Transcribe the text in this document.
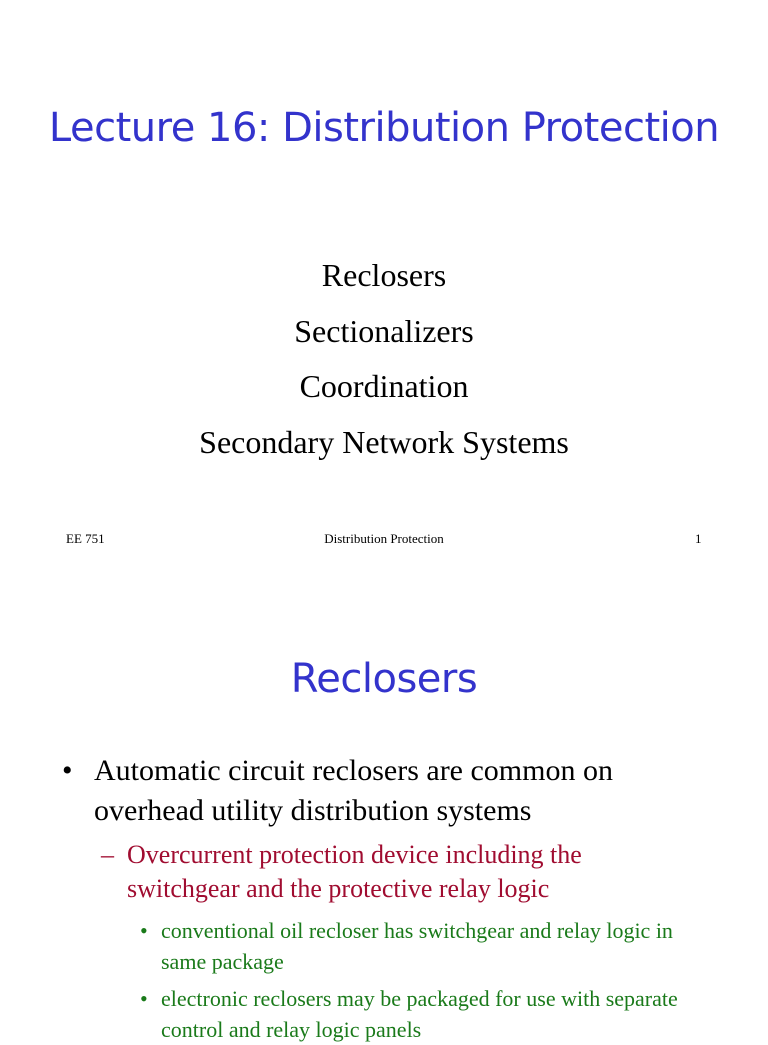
Lecture 16: Distribution Protection
Reclosers
Sectionalizers
Coordination
Secondary Network Systems
EE 751	Distribution Protection	1
Reclosers
• Automatic circuit reclosers are common on overhead utility distribution systems
– Overcurrent protection device including the switchgear and the protective relay logic
• conventional oil recloser has switchgear and relay logic in same package
• electronic reclosers may be packaged for use with separate control and relay logic panels
